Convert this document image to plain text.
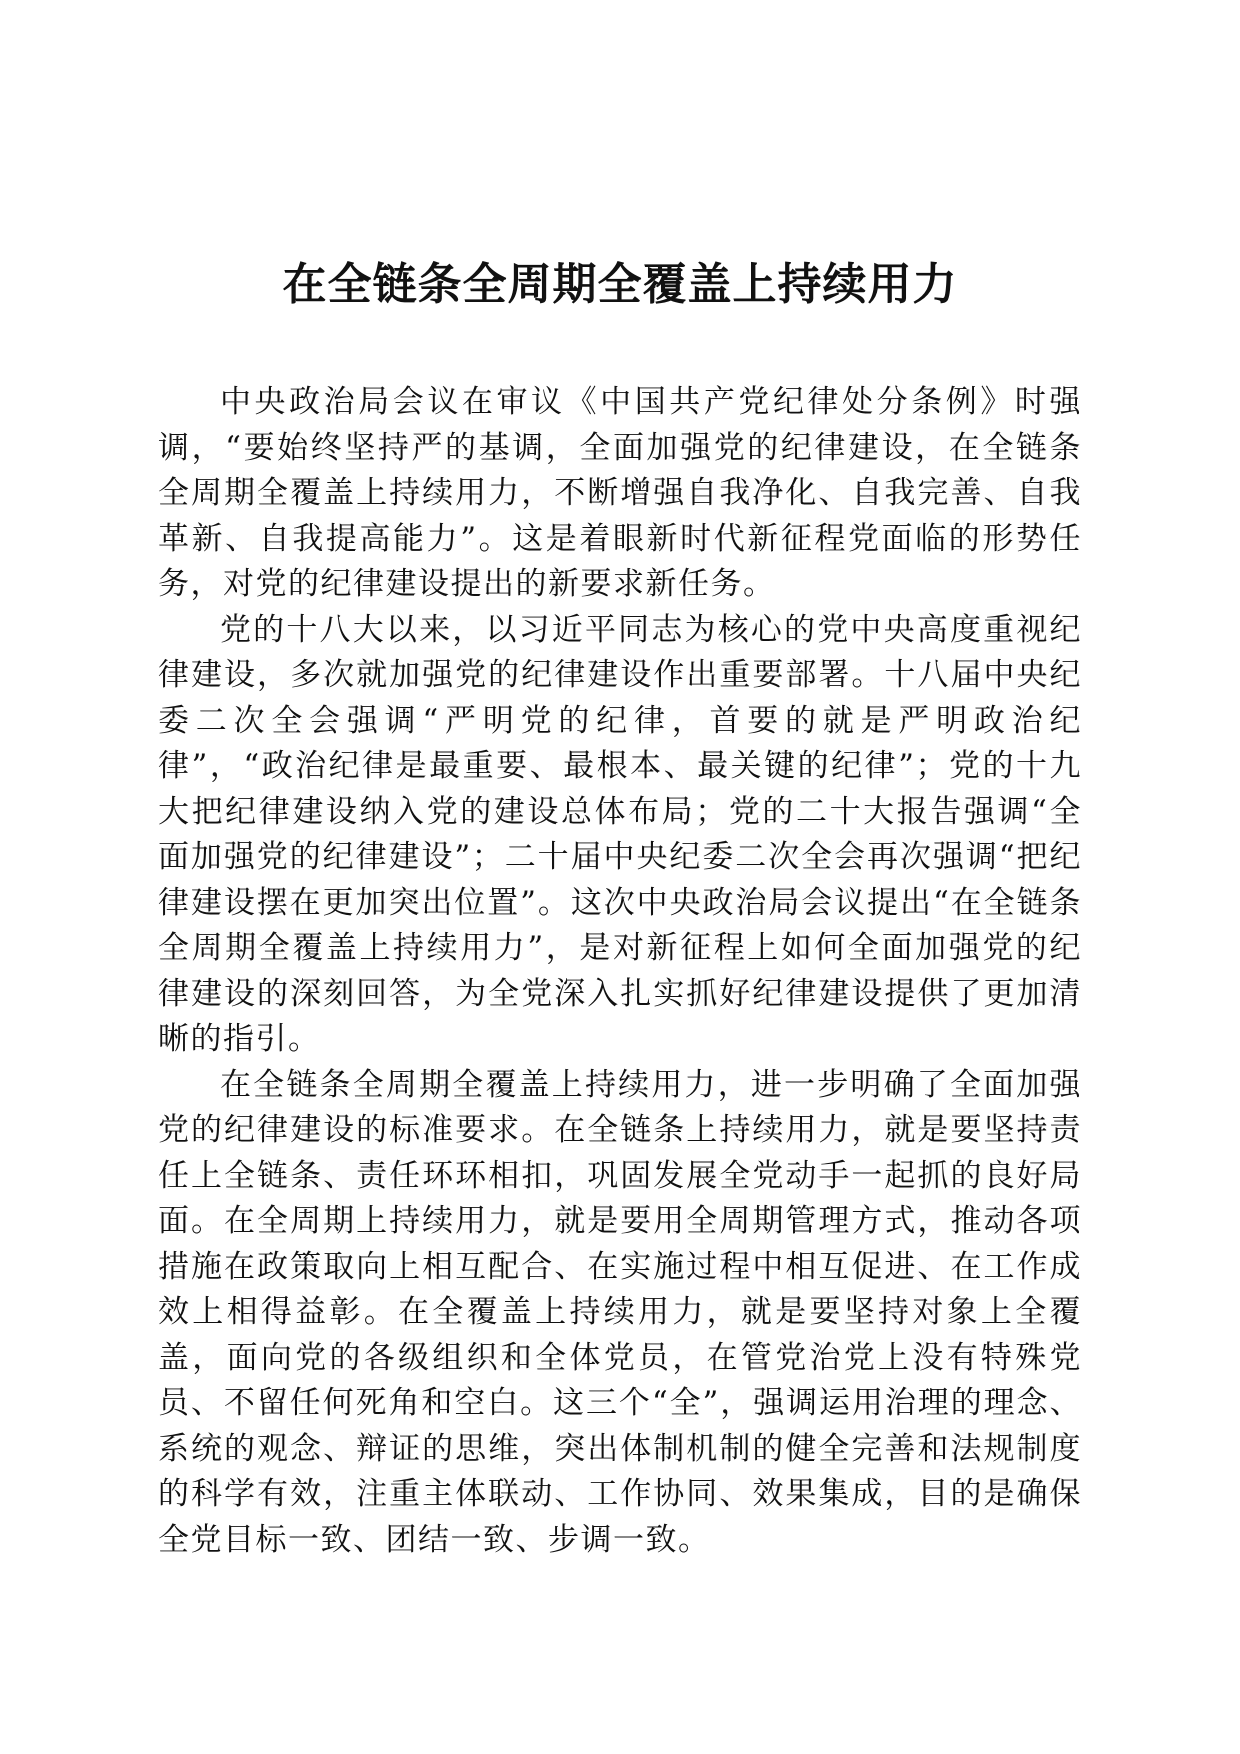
在全链条全周期全覆盖上持续用力

中央政治局会议在审议《中国共产党纪律处分条例》时强调，“要始终坚持严的基调，全面加强党的纪律建设，在全链条全周期全覆盖上持续用力，不断增强自我净化、自我完善、自我革新、自我提高能力”。这是着眼新时代新征程党面临的形势任务，对党的纪律建设提出的新要求新任务。

党的十八大以来，以习近平同志为核心的党中央高度重视纪律建设，多次就加强党的纪律建设作出重要部署。十八届中央纪委二次全会强调“严明党的纪律，首要的就是严明政治纪律”，“政治纪律是最重要、最根本、最关键的纪律”；党的十九大把纪律建设纳入党的建设总体布局；党的二十大报告强调“全面加强党的纪律建设”；二十届中央纪委二次全会再次强调“把纪律建设摆在更加突出位置”。这次中央政治局会议提出“在全链条全周期全覆盖上持续用力”，是对新征程上如何全面加强党的纪律建设的深刻回答，为全党深入扎实抓好纪律建设提供了更加清晰的指引。

在全链条全周期全覆盖上持续用力，进一步明确了全面加强党的纪律建设的标准要求。在全链条上持续用力，就是要坚持责任上全链条、责任环环相扣，巩固发展全党动手一起抓的良好局面。在全周期上持续用力，就是要用全周期管理方式，推动各项措施在政策取向上相互配合、在实施过程中相互促进、在工作成效上相得益彰。在全覆盖上持续用力，就是要坚持对象上全覆盖，面向党的各级组织和全体党员，在管党治党上没有特殊党员、不留任何死角和空白。这三个“全”，强调运用治理的理念、系统的观念、辩证的思维，突出体制机制的健全完善和法规制度的科学有效，注重主体联动、工作协同、效果集成，目的是确保全党目标一致、团结一致、步调一致。
